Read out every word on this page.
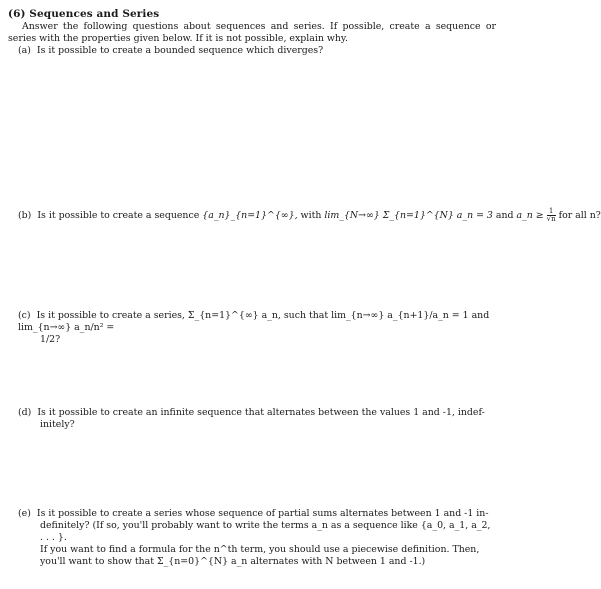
(6) Sequences and Series
Answer the following questions about sequences and series. If possible, create a sequence or series with the properties given below. If it is not possible, explain why.
(a) Is it possible to create a bounded sequence which diverges?
(b) Is it possible to create a sequence {a_n}_{n=1}^{∞}, with lim_{N→∞} Σ_{n=1}^{N} a_n = 3 and a_n ≥ $\frac{1}{√n}$ for all n?
(c) Is it possible to create a series, Σ_{n=1}^{∞} a_n, such that lim_{n→∞} a_{n+1}/a_n = 1 and lim_{n→∞} a_n/n² =
1/2?
(d) Is it possible to create an infinite sequence that alternates between the values 1 and -1, indef-
initely?
(e) Is it possible to create a series whose sequence of partial sums alternates between 1 and -1 in-
definitely? (If so, you'll probably want to write the terms a_n as a sequence like {a_0, a_1, a_2, . . . }.
If you want to find a formula for the n^th term, you should use a piecewise definition. Then,
you'll want to show that Σ_{n=0}^{N} a_n alternates with N between 1 and -1.)
